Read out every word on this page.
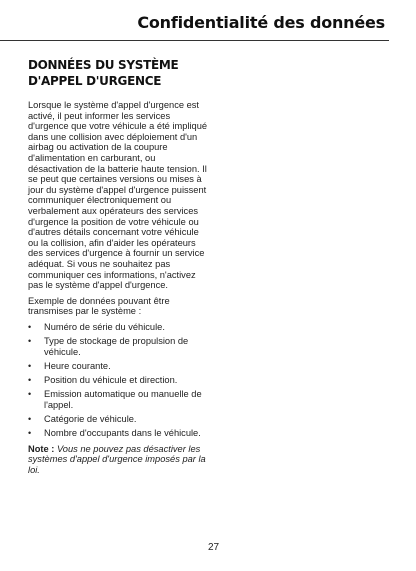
Confidentialité des données
DONNÉES DU SYSTÈME
D'APPEL D'URGENCE

Lorsque le système d'appel d'urgence est activé, il peut informer les services d'urgence que votre véhicule a été impliqué dans une collision avec déploiement d'un airbag ou activation de la coupure d'alimentation en carburant, ou désactivation de la batterie haute tension. Il se peut que certaines versions ou mises à jour du système d'appel d'urgence puissent communiquer électroniquement ou verbalement aux opérateurs des services d'urgence la position de votre véhicule ou d'autres détails concernant votre véhicule ou la collision, afin d'aider les opérateurs des services d'urgence à fournir un service adéquat. Si vous ne souhaitez pas communiquer ces informations, n'activez pas le système d'appel d'urgence.

Exemple de données pouvant être transmises par le système :

•	Numéro de série du véhicule.
•	Type de stockage de propulsion de véhicule.
•	Heure courante.
•	Position du véhicule et direction.
•	Emission automatique ou manuelle de l'appel.
•	Catégorie de véhicule.
•	Nombre d'occupants dans le véhicule.

Note : Vous ne pouvez pas désactiver les systèmes d'appel d'urgence imposés par la loi.

27
